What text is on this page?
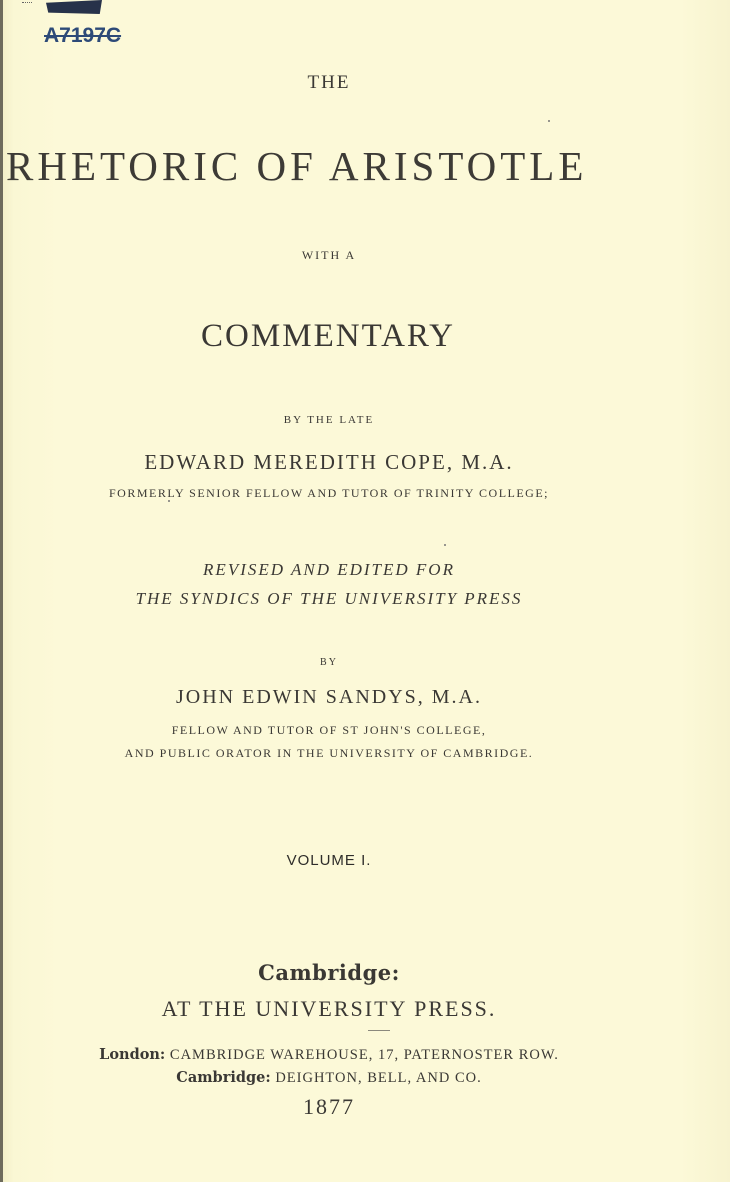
A7197C
THE
RHETORIC OF ARISTOTLE
WITH A
COMMENTARY
BY THE LATE
EDWARD MEREDITH COPE, M.A.
FORMERLY SENIOR FELLOW AND TUTOR OF TRINITY COLLEGE;
REVISED AND EDITED FOR
THE SYNDICS OF THE UNIVERSITY PRESS
BY
JOHN EDWIN SANDYS, M.A.
FELLOW AND TUTOR OF ST JOHN'S COLLEGE,
AND PUBLIC ORATOR IN THE UNIVERSITY OF CAMBRIDGE.
VOLUME I.
Cambridge:
AT THE UNIVERSITY PRESS.
London: CAMBRIDGE WAREHOUSE, 17, PATERNOSTER ROW.
Cambridge: DEIGHTON, BELL, AND CO.
1877
